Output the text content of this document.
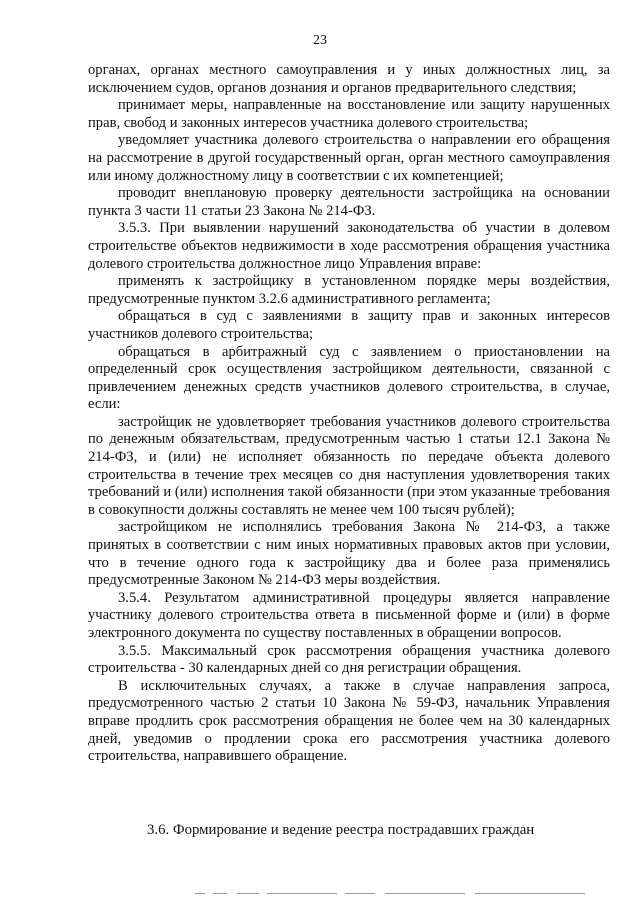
23

органах, органах местного самоуправления и у иных должностных лиц, за исключением судов, органов дознания и органов предварительного следствия;

принимает меры, направленные на восстановление или защиту нарушенных прав, свобод и законных интересов участника долевого строительства;

уведомляет участника долевого строительства о направлении его обращения на рассмотрение в другой государственный орган, орган местного самоуправления или иному должностному лицу в соответствии с их компетенцией;

проводит внеплановую проверку деятельности застройщика на основании пункта 3 части 11 статьи 23 Закона № 214-ФЗ.

3.5.3. При выявлении нарушений законодательства об участии в долевом строительстве объектов недвижимости в ходе рассмотрения обращения участника долевого строительства должностное лицо Управления вправе:

применять к застройщику в установленном порядке меры воздействия, предусмотренные пунктом 3.2.6 административного регламента;

обращаться в суд с заявлениями в защиту прав и законных интересов участников долевого строительства;

обращаться в арбитражный суд с заявлением о приостановлении на определенный срок осуществления застройщиком деятельности, связанной с привлечением денежных средств участников долевого строительства, в случае, если:

застройщик не удовлетворяет требования участников долевого строительства по денежным обязательствам, предусмотренным частью 1 статьи 12.1 Закона № 214-ФЗ, и (или) не исполняет обязанность по передаче объекта долевого строительства в течение трех месяцев со дня наступления удовлетворения таких требований и (или) исполнения такой обязанности (при этом указанные требования в совокупности должны составлять не менее чем 100 тысяч рублей);

застройщиком не исполнялись требования Закона № 214-ФЗ, а также принятых в соответствии с ним иных нормативных правовых актов при условии, что в течение одного года к застройщику два и более раза применялись предусмотренные Законом № 214-ФЗ меры воздействия.

3.5.4. Результатом административной процедуры является направление участнику долевого строительства ответа в письменной форме и (или) в форме электронного документа по существу поставленных в обращении вопросов.

3.5.5. Максимальный срок рассмотрения обращения участника долевого строительства - 30 календарных дней со дня регистрации обращения.

В исключительных случаях, а также в случае направления запроса, предусмотренного частью 2 статьи 10 Закона № 59-ФЗ, начальник Управления вправе продлить срок рассмотрения обращения не более чем на 30 календарных дней, уведомив о продлении срока его рассмотрения участника долевого строительства, направившего обращение.

3.6. Формирование и ведение реестра пострадавших граждан
